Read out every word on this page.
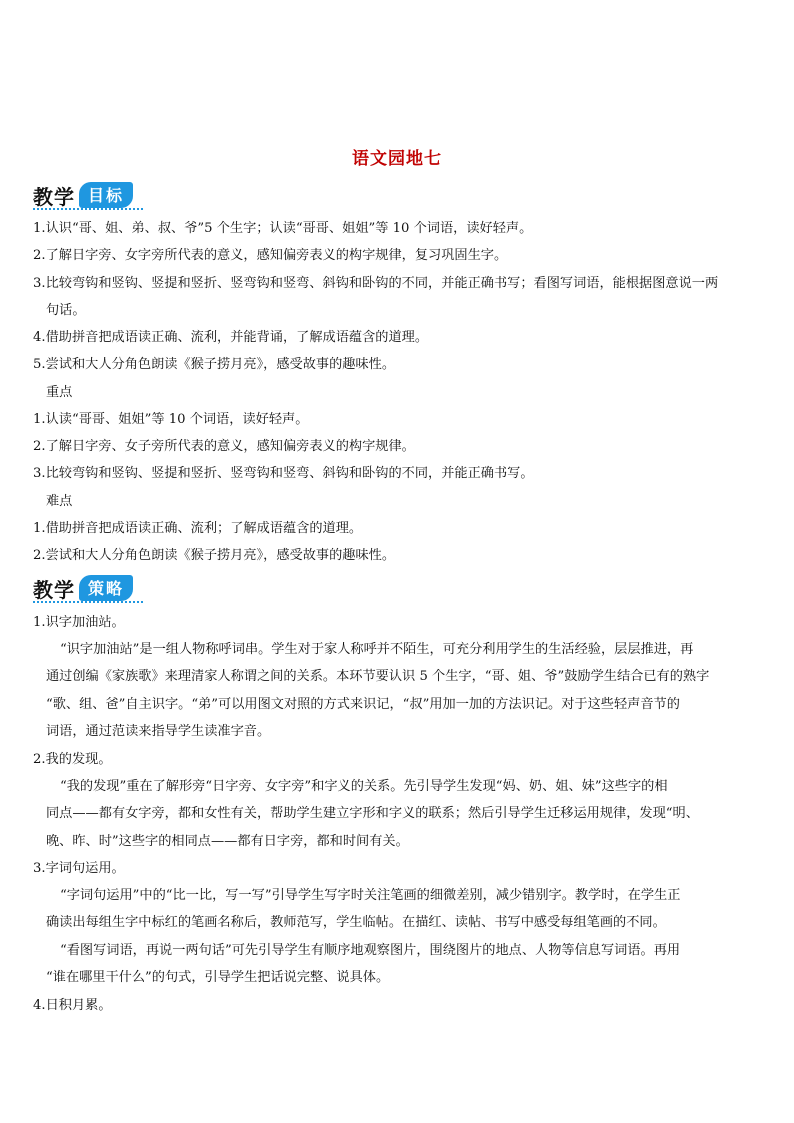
语文园地七
教学 目标
1.认识“哥、姐、弟、叔、爷”5 个生字；认读“哥哥、姐姐”等 10 个词语，读好轻声。
2.了解日字旁、女字旁所代表的意义，感知偏旁表义的构字规律，复习巩固生字。
3.比较弯钩和竖钩、竖提和竖折、竖弯钩和竖弯、斜钩和卧钩的不同，并能正确书写；看图写词语，能根据图意说一两
句话。
4.借助拼音把成语读正确、流利，并能背诵，了解成语蕴含的道理。
5.尝试和大人分角色朗读《猴子捞月亮》，感受故事的趣味性。
重点
1.认读“哥哥、姐姐”等 10 个词语，读好轻声。
2.了解日字旁、女子旁所代表的意义，感知偏旁表义的构字规律。
3.比较弯钩和竖钩、竖提和竖折、竖弯钩和竖弯、斜钩和卧钩的不同，并能正确书写。
难点
1.借助拼音把成语读正确、流利；了解成语蕴含的道理。
2.尝试和大人分角色朗读《猴子捞月亮》，感受故事的趣味性。
教学 策略
1.识字加油站。
“识字加油站”是一组人物称呼词串。学生对于家人称呼并不陌生，可充分利用学生的生活经验，层层推进，再
通过创编《家族歌》来理清家人称谓之间的关系。本环节要认识 5 个生字，“哥、姐、爷”鼓励学生结合已有的熟字
“歌、组、爸”自主识字。“弟”可以用图文对照的方式来识记，“叔”用加一加的方法识记。对于这些轻声音节的
词语，通过范读来指导学生读准字音。
2.我的发现。
“我的发现”重在了解形旁“日字旁、女字旁”和字义的关系。先引导学生发现“妈、奶、姐、妹”这些字的相
同点——都有女字旁，都和女性有关，帮助学生建立字形和字义的联系；然后引导学生迁移运用规律，发现“明、
晚、昨、时”这些字的相同点——都有日字旁，都和时间有关。
3.字词句运用。
“字词句运用”中的“比一比，写一写”引导学生写字时关注笔画的细微差别，减少错别字。教学时，在学生正
确读出每组生字中标红的笔画名称后，教师范写，学生临帖。在描红、读帖、书写中感受每组笔画的不同。
“看图写词语，再说一两句话”可先引导学生有顺序地观察图片，围绕图片的地点、人物等信息写词语。再用
“谁在哪里干什么”的句式，引导学生把话说完整、说具体。
4.日积月累。
